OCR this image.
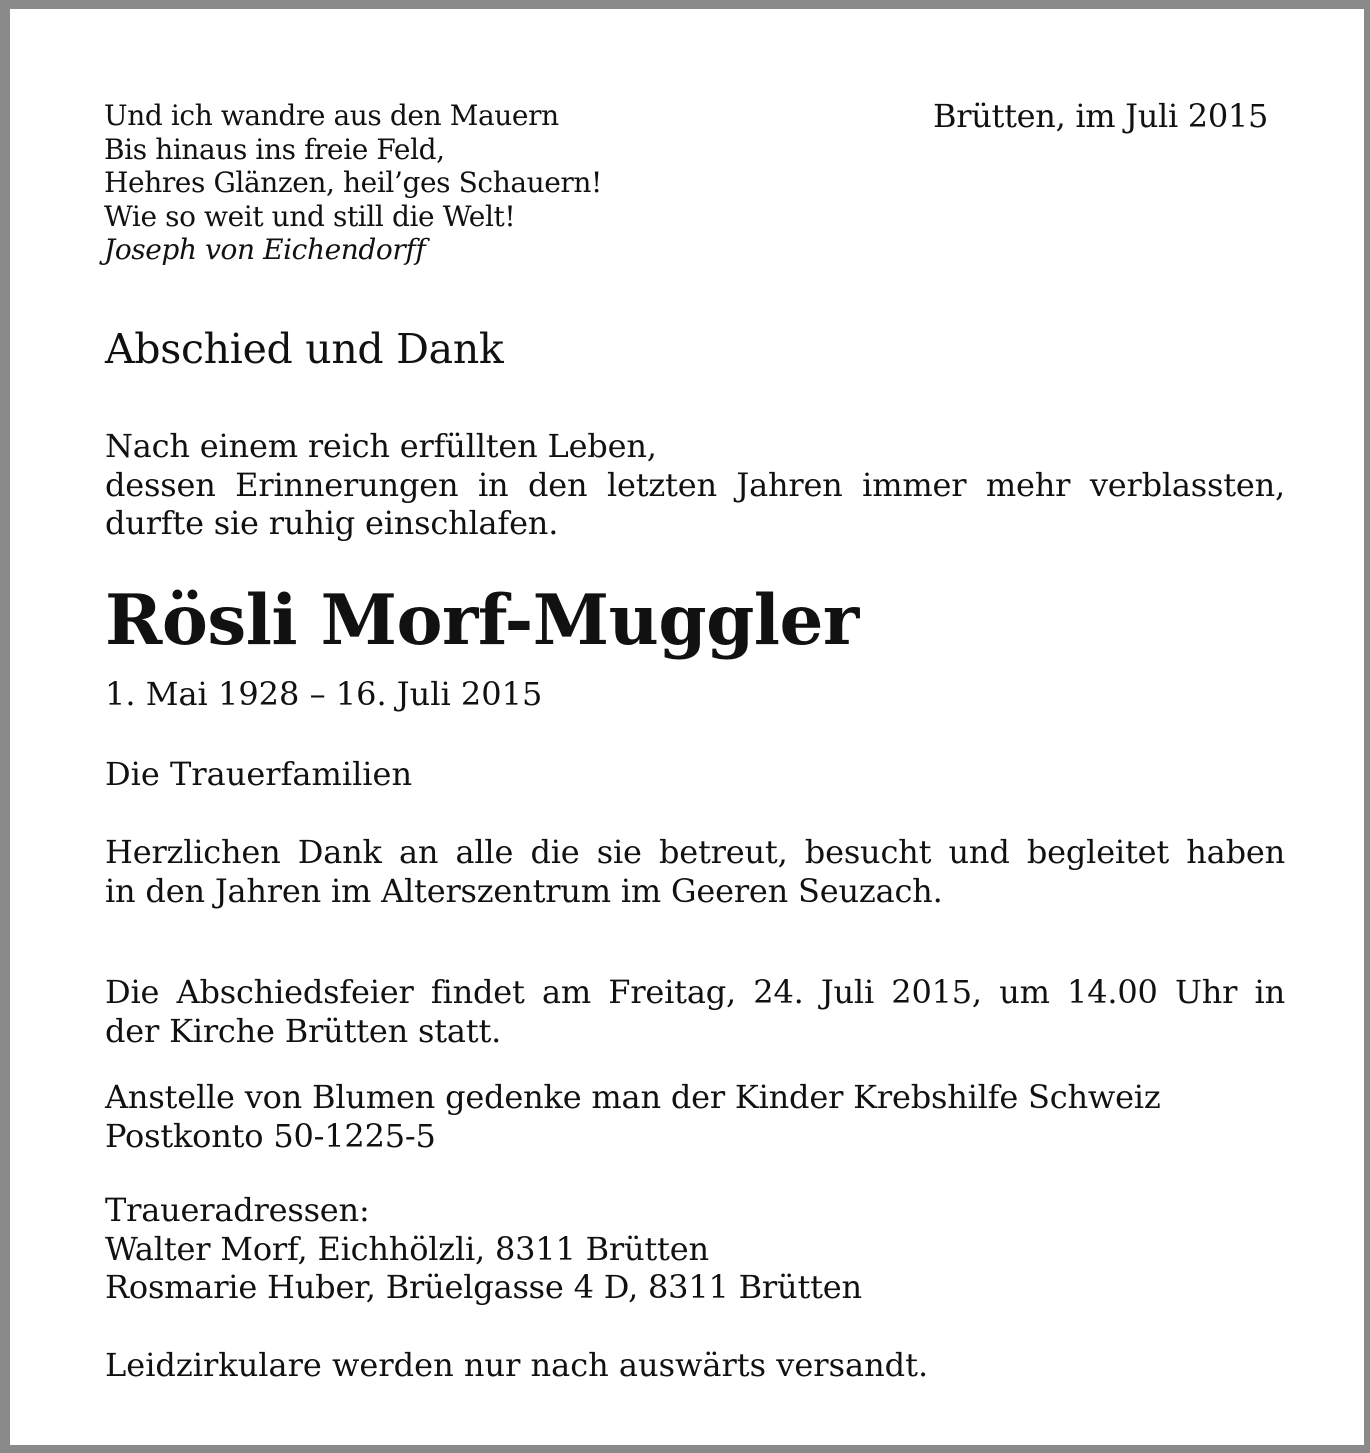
Und ich wandre aus den Mauern
Bis hinaus ins freie Feld,
Hehres Glänzen, heil’ges Schauern!
Wie so weit und still die Welt!
Joseph von Eichendorff
Brütten, im Juli 2015
Abschied und Dank
Nach einem reich erfüllten Leben,
dessen Erinnerungen in den letzten Jahren immer mehr verblassten,
durfte sie ruhig einschlafen.
Rösli Morf-Muggler
1. Mai 1928 – 16. Juli 2015
Die Trauerfamilien
Herzlichen Dank an alle die sie betreut, besucht und begleitet haben
in den Jahren im Alterszentrum im Geeren Seuzach.
Die Abschiedsfeier findet am Freitag, 24. Juli 2015, um 14.00 Uhr in
der Kirche Brütten statt.
Anstelle von Blumen gedenke man der Kinder Krebshilfe Schweiz
Postkonto 50-1225-5
Traueradressen:
Walter Morf, Eichhölzli, 8311 Brütten
Rosmarie Huber, Brüelgasse 4 D, 8311 Brütten
Leidzirkulare werden nur nach auswärts versandt.
